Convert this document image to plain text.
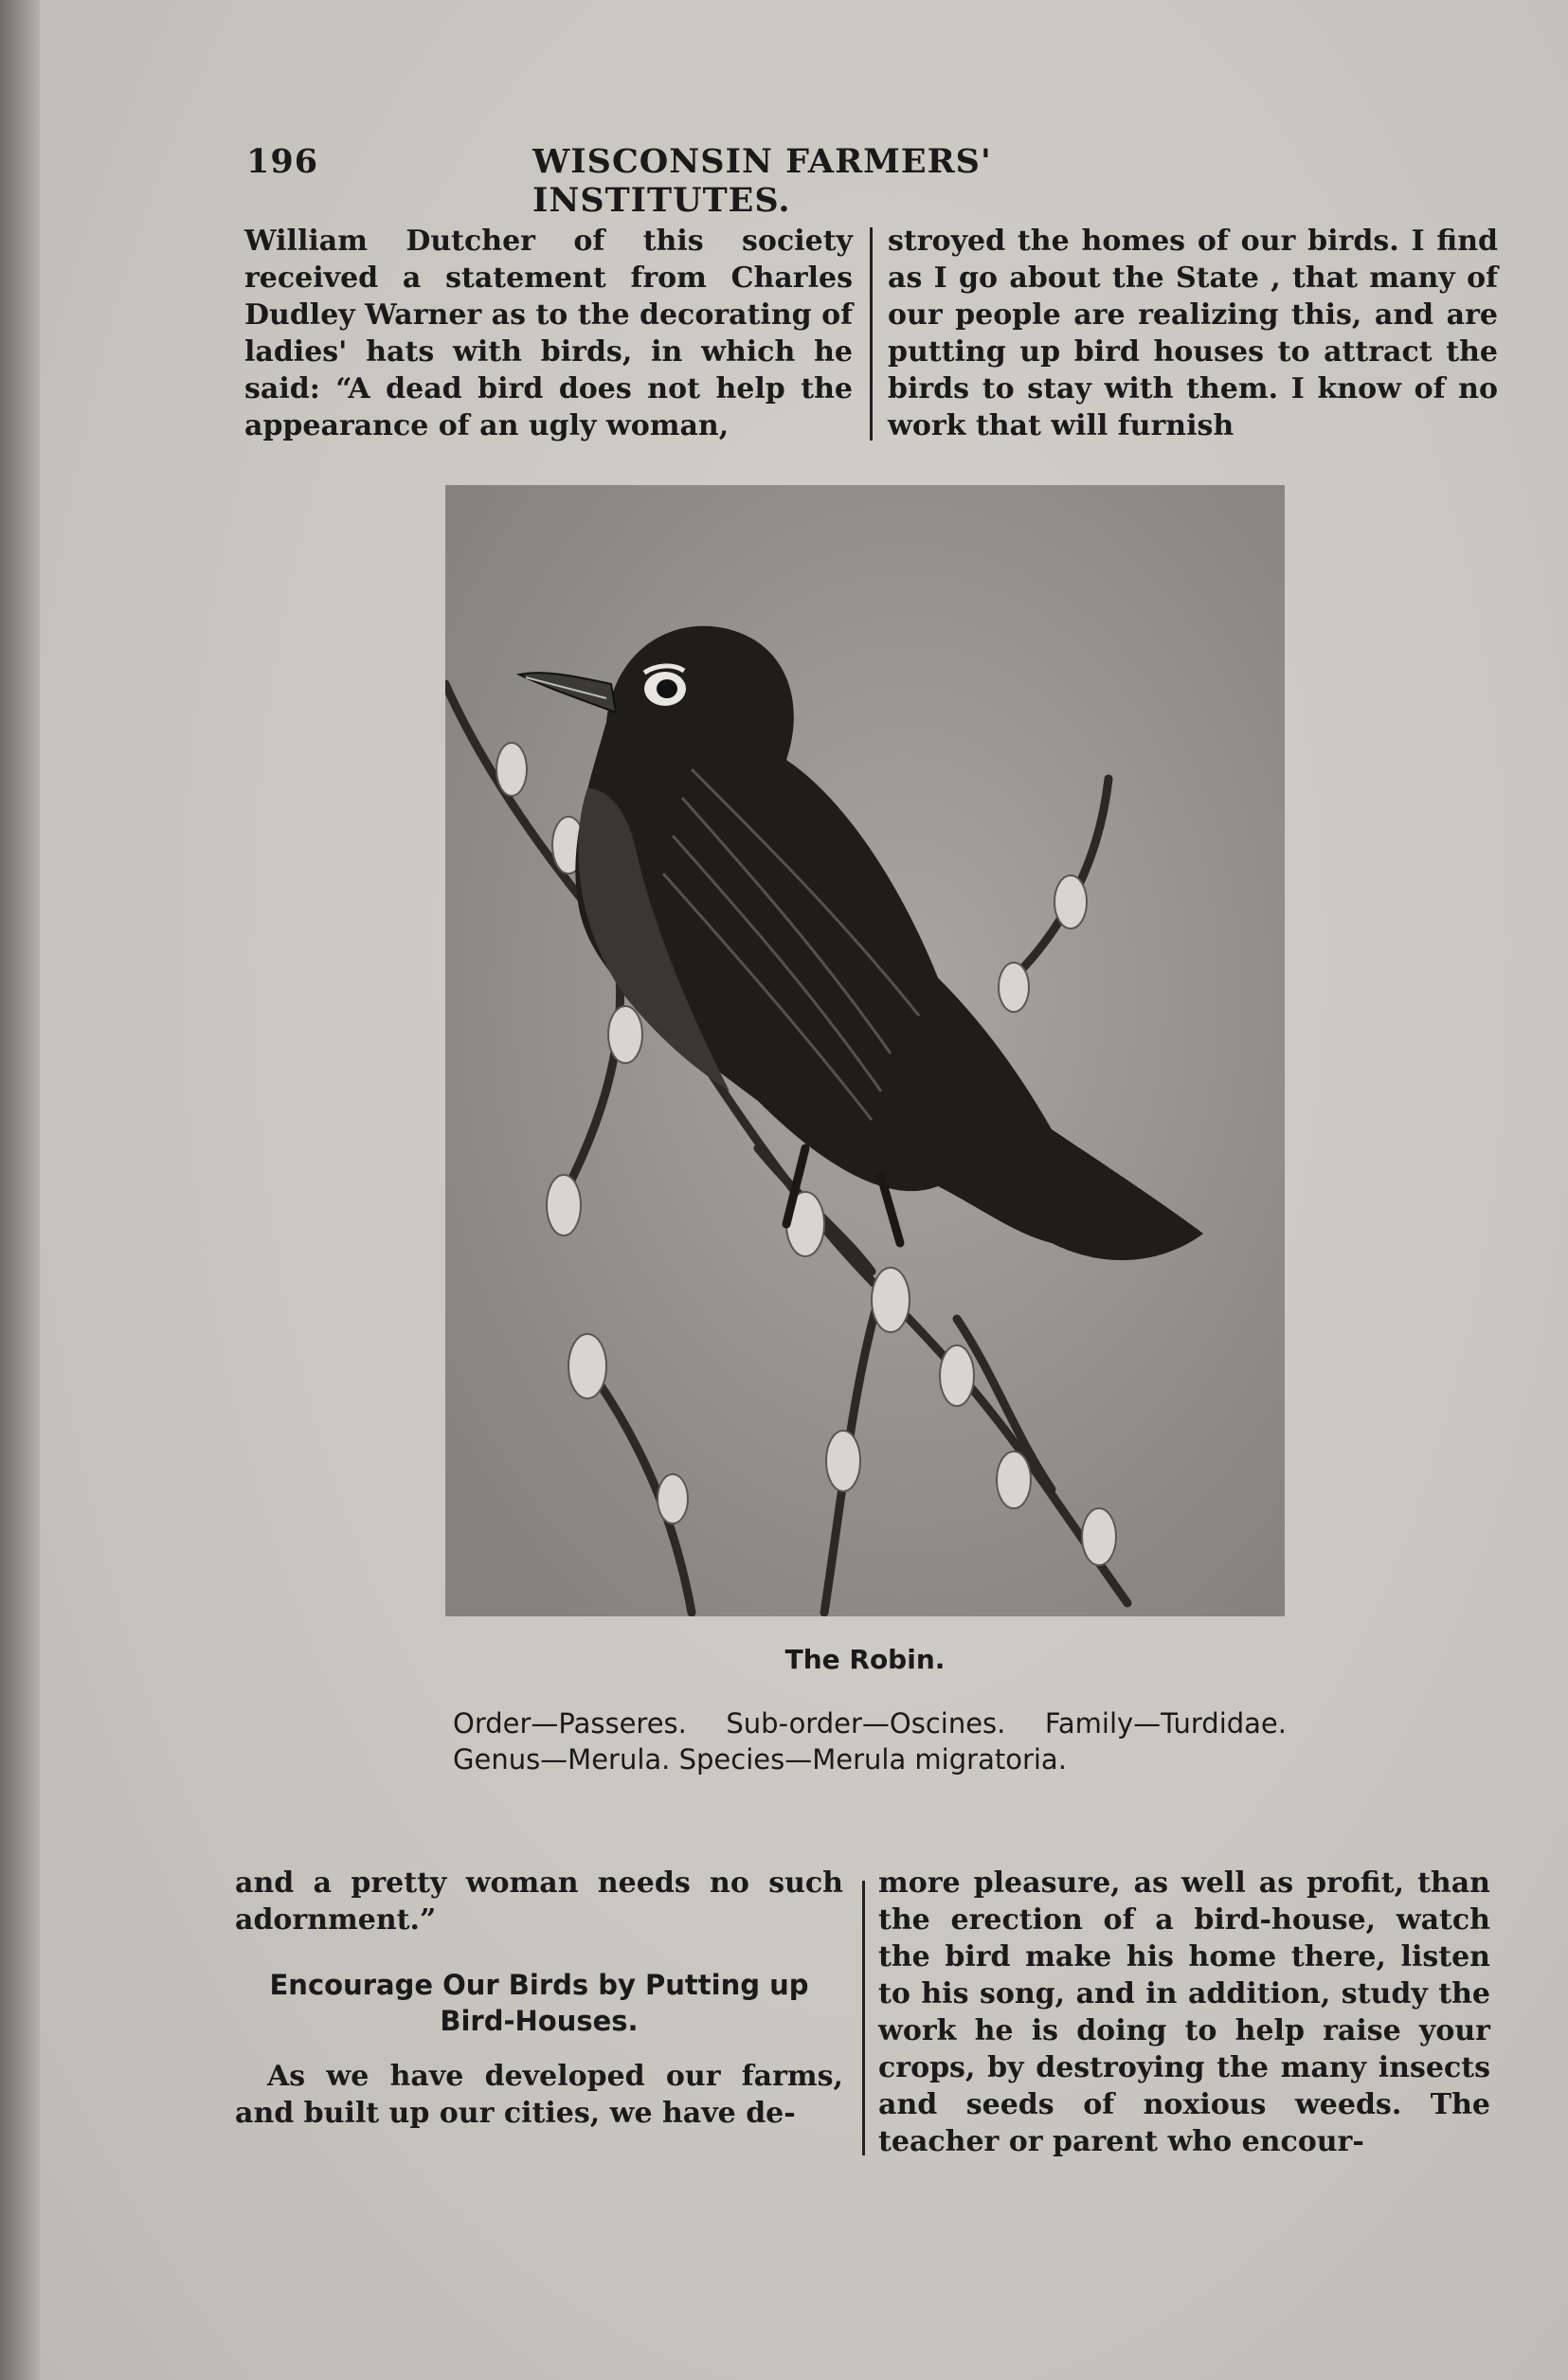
196	WISCONSIN FARMERS' INSTITUTES.

William Dutcher of this society received a statement from Charles Dudley Warner as to the decorating of ladies' hats with birds, in which he said: “A dead bird does not help the appearance of an ugly woman,

stroyed the homes of our birds. I find as I go about the State , that many of our people are realizing this, and are putting up bird houses to attract the birds to stay with them. I know of no work that will furnish

The Robin.
Order—Passeres. Sub-order—Oscines. Family—Turdidae. Genus—Merula. Species—Merula migratoria.

and a pretty woman needs no such adornment.”

Encourage Our Birds by Putting up Bird-Houses.

As we have developed our farms, and built up our cities, we have de-

more pleasure, as well as profit, than the erection of a bird-house, watch the bird make his home there, listen to his song, and in addition, study the work he is doing to help raise your crops, by destroying the many insects and seeds of noxious weeds. The teacher or parent who encour-
